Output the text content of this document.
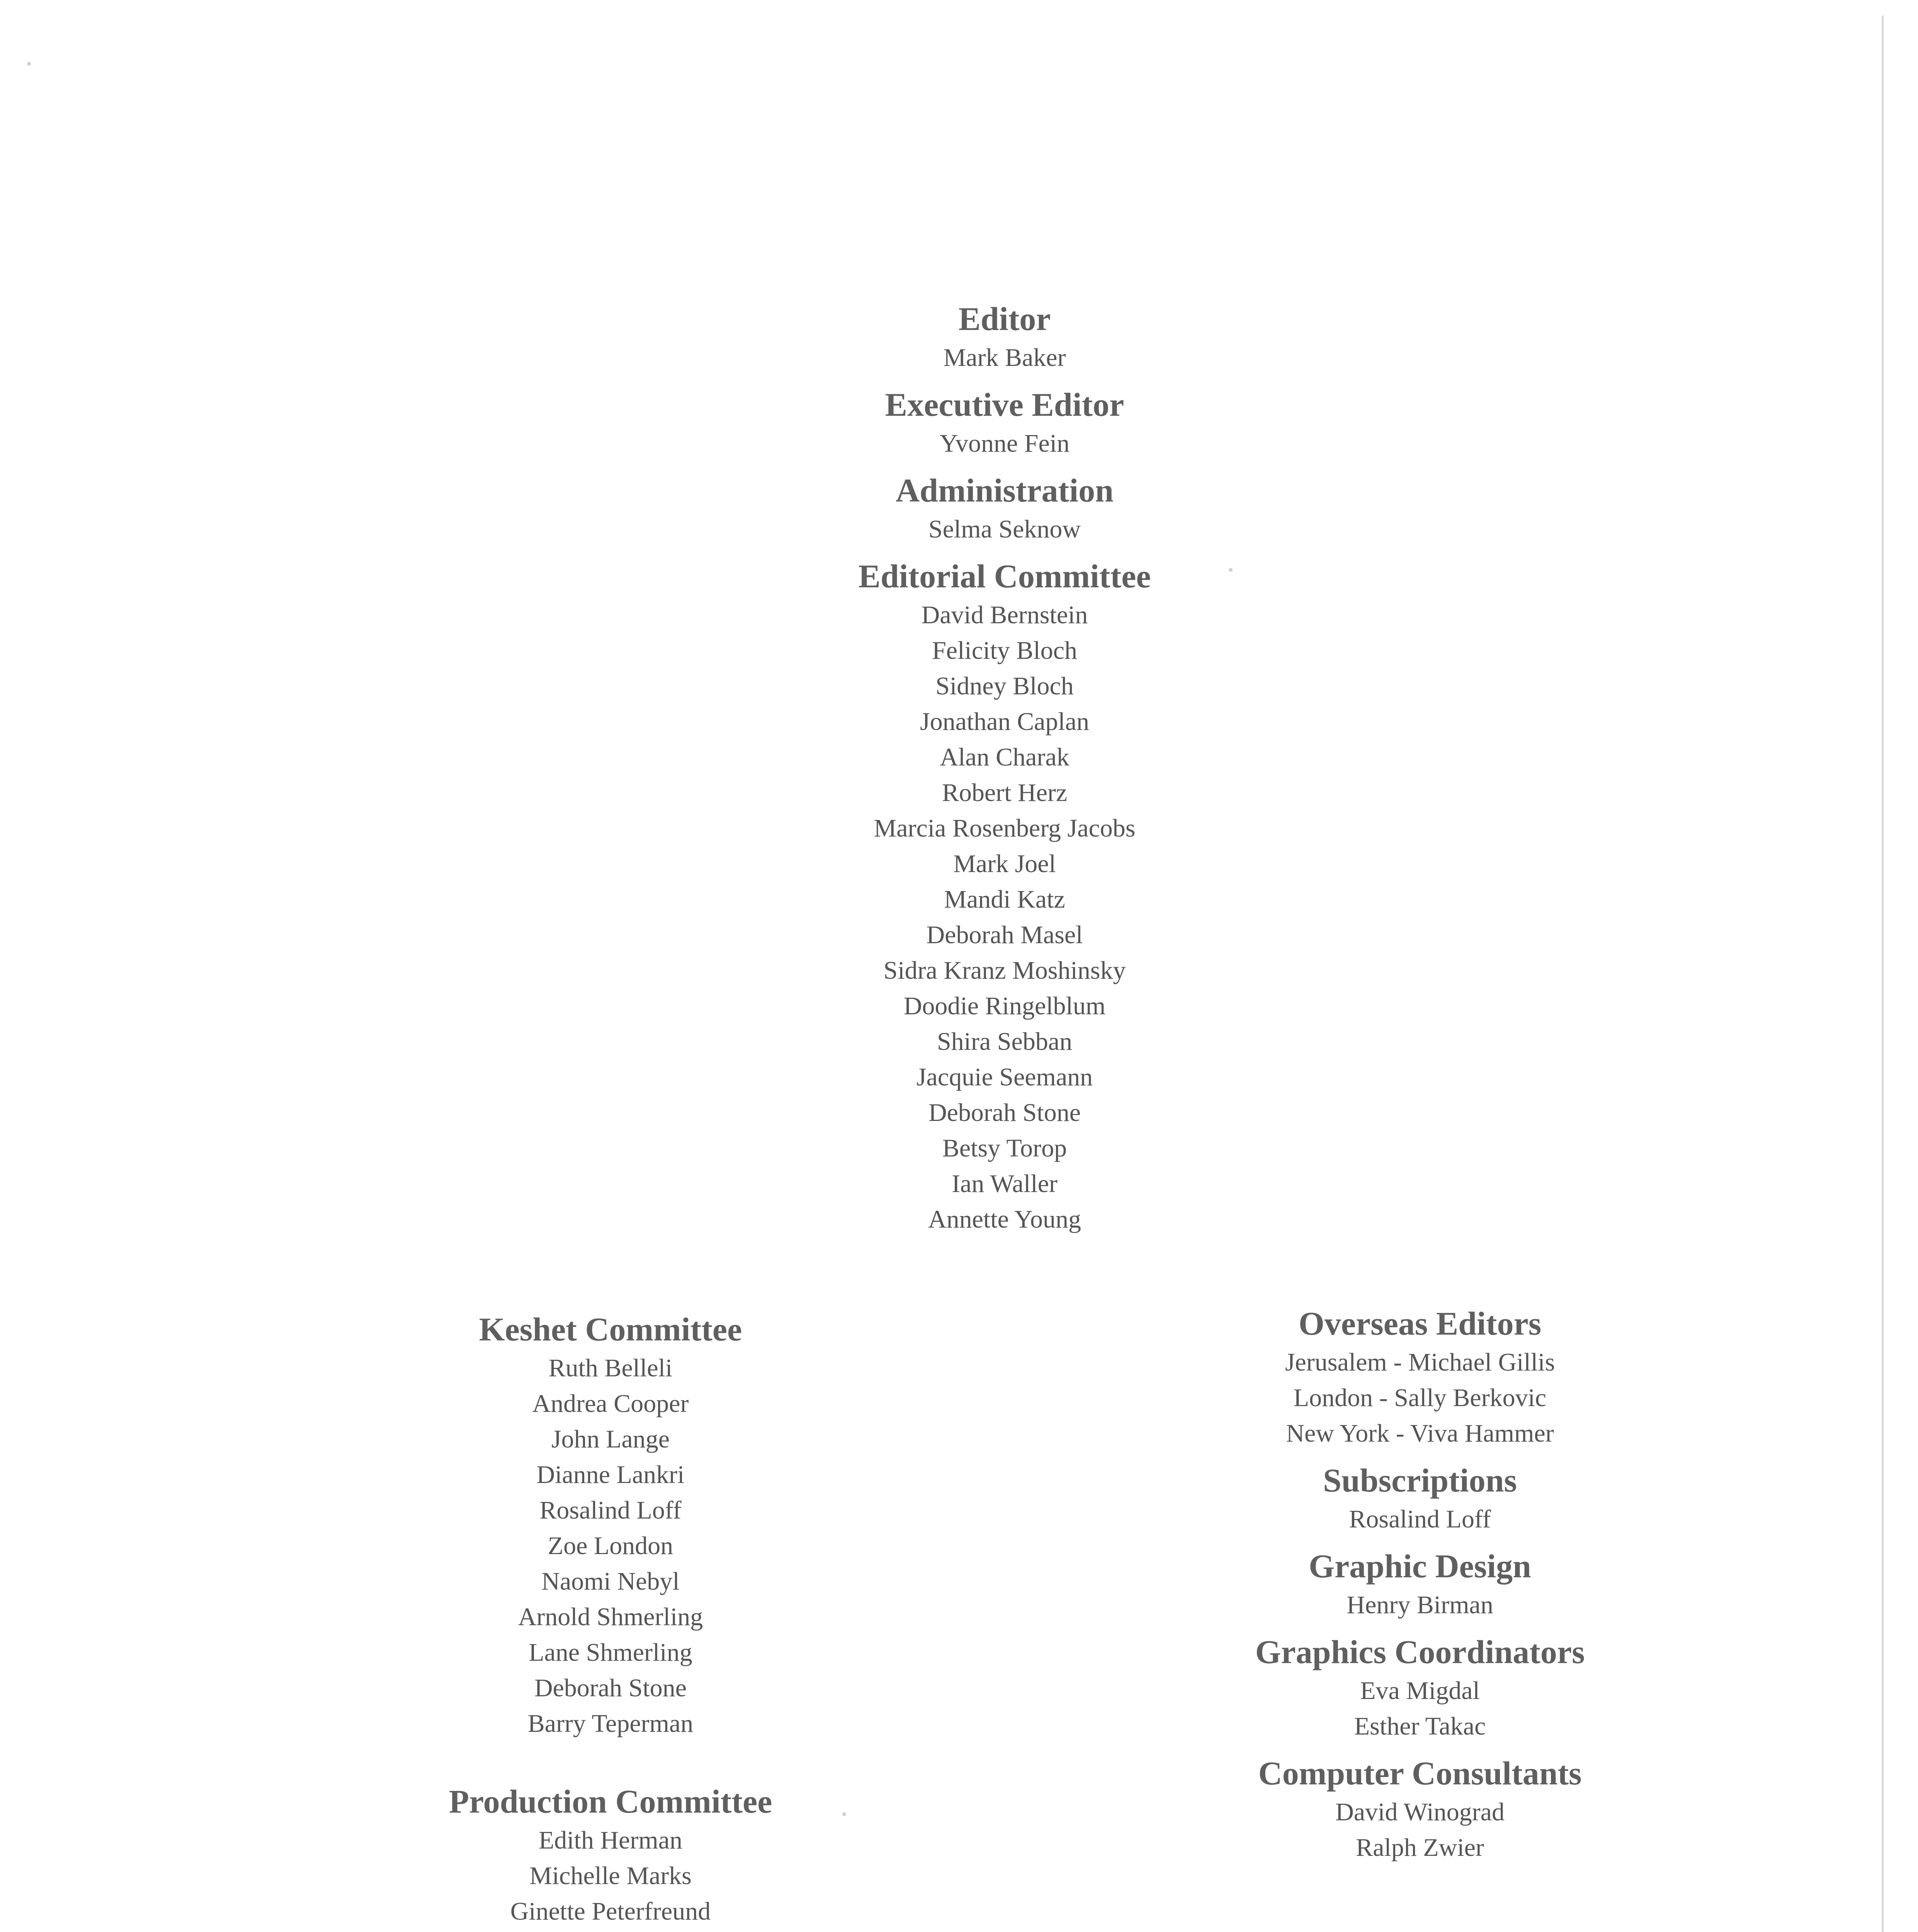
Editor
Mark Baker
Executive Editor
Yvonne Fein
Administration
Selma Seknow
Editorial Committee
David Bernstein
Felicity Bloch
Sidney Bloch
Jonathan Caplan
Alan Charak
Robert Herz
Marcia Rosenberg Jacobs
Mark Joel
Mandi Katz
Deborah Masel
Sidra Kranz Moshinsky
Doodie Ringelblum
Shira Sebban
Jacquie Seemann
Deborah Stone
Betsy Torop
Ian Waller
Annette Young
Keshet Committee
Ruth Belleli
Andrea Cooper
John Lange
Dianne Lankri
Rosalind Loff
Zoe London
Naomi Nebyl
Arnold Shmerling
Lane Shmerling
Deborah Stone
Barry Teperman
Production Committee
Edith Herman
Michelle Marks
Ginette Peterfreund
Overseas Editors
Jerusalem - Michael Gillis
London - Sally Berkovic
New York - Viva Hammer
Subscriptions
Rosalind Loff
Graphic Design
Henry Birman
Graphics Coordinators
Eva Migdal
Esther Takac
Computer Consultants
David Winograd
Ralph Zwier
